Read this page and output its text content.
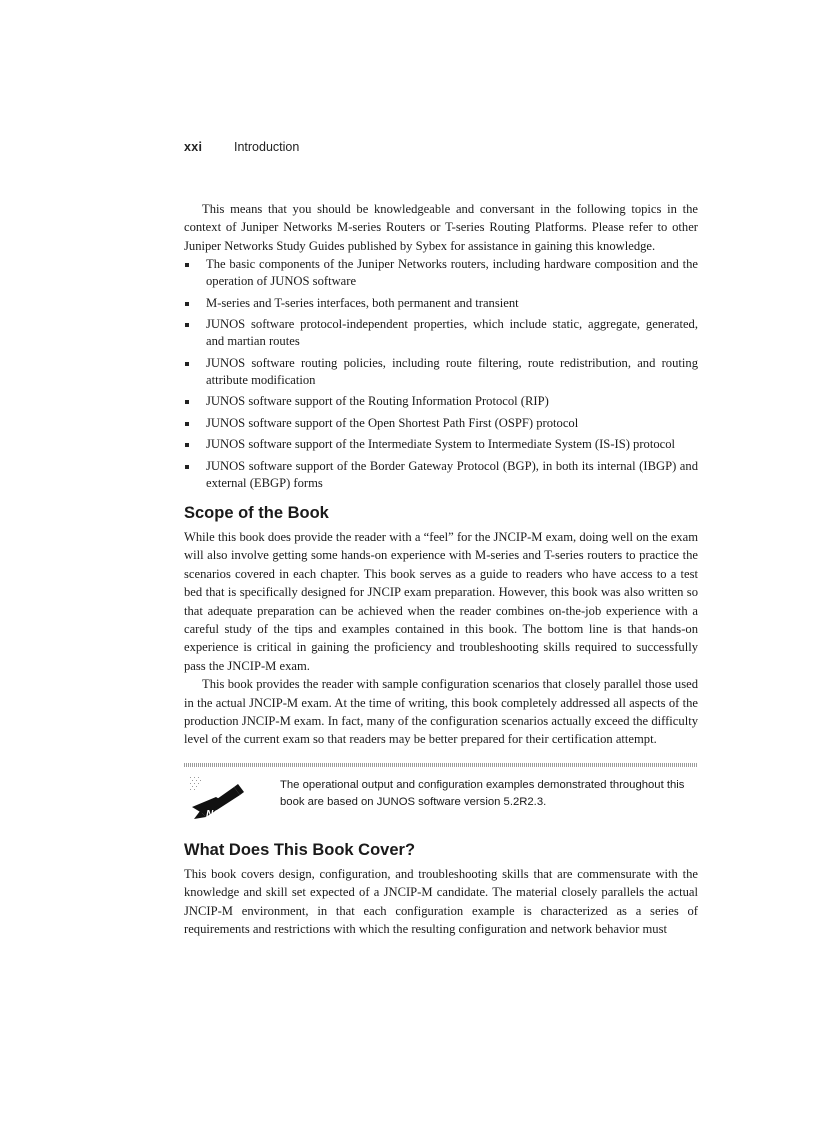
xxi	Introduction

This means that you should be knowledgeable and conversant in the following topics in the context of Juniper Networks M-series Routers or T-series Routing Platforms. Please refer to other Juniper Networks Study Guides published by Sybex for assistance in gaining this knowledge.

The basic components of the Juniper Networks routers, including hardware composition and the operation of JUNOS software
M-series and T-series interfaces, both permanent and transient
JUNOS software protocol-independent properties, which include static, aggregate, generated, and martian routes
JUNOS software routing policies, including route filtering, route redistribution, and routing attribute modification
JUNOS software support of the Routing Information Protocol (RIP)
JUNOS software support of the Open Shortest Path First (OSPF) protocol
JUNOS software support of the Intermediate System to Intermediate System (IS-IS) protocol
JUNOS software support of the Border Gateway Protocol (BGP), in both its internal (IBGP) and external (EBGP) forms
Scope of the Book

While this book does provide the reader with a “feel” for the JNCIP-M exam, doing well on the exam will also involve getting some hands-on experience with M-series and T-series routers to practice the scenarios covered in each chapter. This book serves as a guide to readers who have access to a test bed that is specifically designed for JNCIP exam preparation. However, this book was also written so that adequate preparation can be achieved when the reader combines on-the-job experience with a careful study of the tips and examples contained in this book. The bottom line is that hands-on experience is critical in gaining the proficiency and troubleshooting skills required to successfully pass the JNCIP-M exam.

This book provides the reader with sample configuration scenarios that closely parallel those used in the actual JNCIP-M exam. At the time of writing, this book completely addressed all aspects of the production JNCIP-M exam. In fact, many of the configuration scenarios actually exceed the difficulty level of the current exam so that readers may be better prepared for their certification attempt.

NOTE
The operational output and configuration examples demonstrated throughout this book are based on JUNOS software version 5.2R2.3.
What Does This Book Cover?

This book covers design, configuration, and troubleshooting skills that are commensurate with the knowledge and skill set expected of a JNCIP-M candidate. The material closely parallels the actual JNCIP-M environment, in that each configuration example is characterized as a series of requirements and restrictions with which the resulting configuration and network behavior must
